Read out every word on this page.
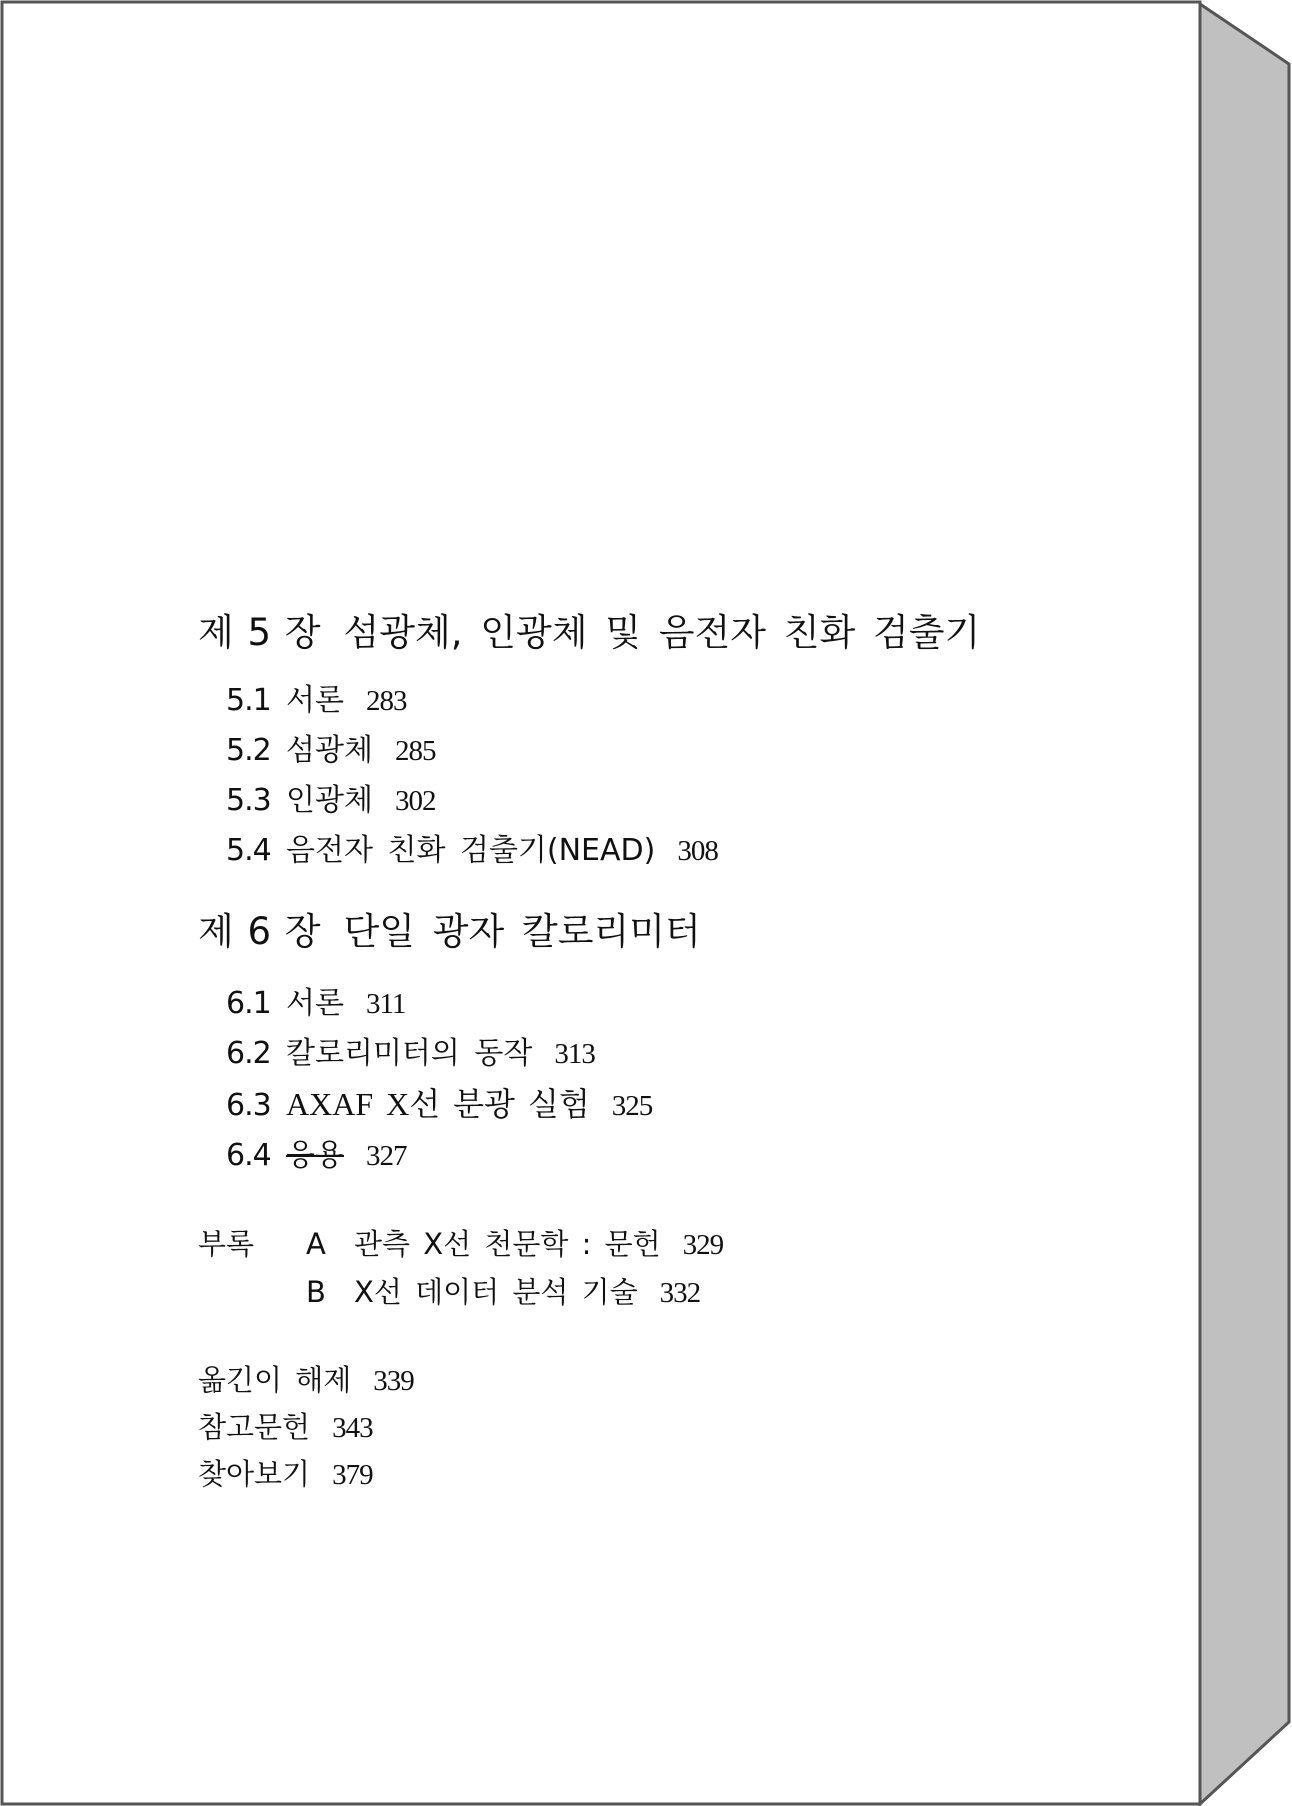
제 5 장 섬광체, 인광체 및 음전자 친화 검출기
5.1 서론 283
5.2 섬광체 285
5.3 인광체 302
5.4 음전자 친화 검출기(NEAD) 308
제 6 장 단일 광자 칼로리미터
6.1 서론 311
6.2 칼로리미터의 동작 313
6.3 AXAF X선 분광 실험 325
6.4 응용 327
부록	A 관측 X선 천문학 : 문헌 329
B X선 데이터 분석 기술 332
옮긴이 해제 339
참고문헌 343
찾아보기 379
